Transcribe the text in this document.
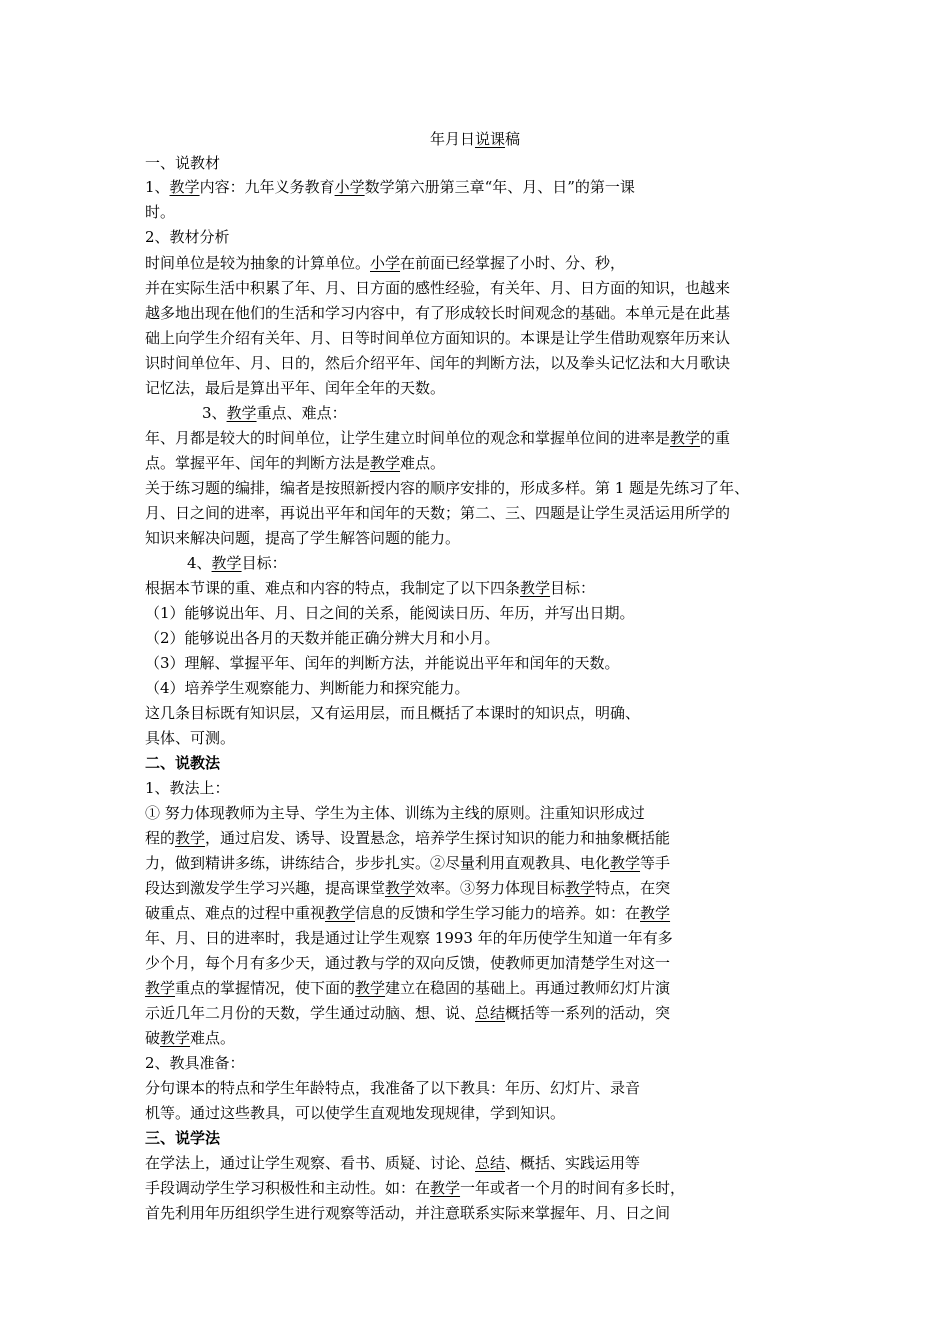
年月日说课稿
一、说教材
1、教学内容：九年义务教育小学数学第六册第三章“年、月、日”的第一课
时。
2、教材分析
时间单位是较为抽象的计算单位。小学在前面已经掌握了小时、分、秒，
并在实际生活中积累了年、月、日方面的感性经验，有关年、月、日方面的知识，也越来
越多地出现在他们的生活和学习内容中，有了形成较长时间观念的基础。本单元是在此基
础上向学生介绍有关年、月、日等时间单位方面知识的。本课是让学生借助观察年历来认
识时间单位年、月、日的，然后介绍平年、闰年的判断方法，以及拳头记忆法和大月歌诀
记忆法，最后是算出平年、闰年全年的天数。
3、教学重点、难点：
年、月都是较大的时间单位，让学生建立时间单位的观念和掌握单位间的进率是教学的重
点。掌握平年、闰年的判断方法是教学难点。
关于练习题的编排，编者是按照新授内容的顺序安排的，形成多样。第 1 题是先练习了年、
月、日之间的进率，再说出平年和闰年的天数；第二、三、四题是让学生灵活运用所学的
知识来解决问题，提高了学生解答问题的能力。
4、教学目标：
根据本节课的重、难点和内容的特点，我制定了以下四条教学目标：
（1）能够说出年、月、日之间的关系，能阅读日历、年历，并写出日期。
（2）能够说出各月的天数并能正确分辨大月和小月。
（3）理解、掌握平年、闰年的判断方法，并能说出平年和闰年的天数。
（4）培养学生观察能力、判断能力和探究能力。
这几条目标既有知识层，又有运用层，而且概括了本课时的知识点，明确、
具体、可测。
二、说教法
1、教法上：
① 努力体现教师为主导、学生为主体、训练为主线的原则。注重知识形成过
程的教学，通过启发、诱导、设置悬念，培养学生探讨知识的能力和抽象概括能
力，做到精讲多练，讲练结合，步步扎实。②尽量利用直观教具、电化教学等手
段达到激发学生学习兴趣，提高课堂教学效率。③努力体现目标教学特点，在突
破重点、难点的过程中重视教学信息的反馈和学生学习能力的培养。如：在教学
年、月、日的进率时，我是通过让学生观察 1993 年的年历使学生知道一年有多
少个月，每个月有多少天，通过教与学的双向反馈，使教师更加清楚学生对这一
教学重点的掌握情况，使下面的教学建立在稳固的基础上。再通过教师幻灯片演
示近几年二月份的天数，学生通过动脑、想、说、总结概括等一系列的活动，突
破教学难点。
2、教具准备：
分句课本的特点和学生年龄特点，我准备了以下教具：年历、幻灯片、录音
机等。通过这些教具，可以使学生直观地发现规律，学到知识。
三、说学法
在学法上，通过让学生观察、看书、质疑、讨论、总结、概括、实践运用等
手段调动学生学习积极性和主动性。如：在教学一年或者一个月的时间有多长时，
首先利用年历组织学生进行观察等活动，并注意联系实际来掌握年、月、日之间
